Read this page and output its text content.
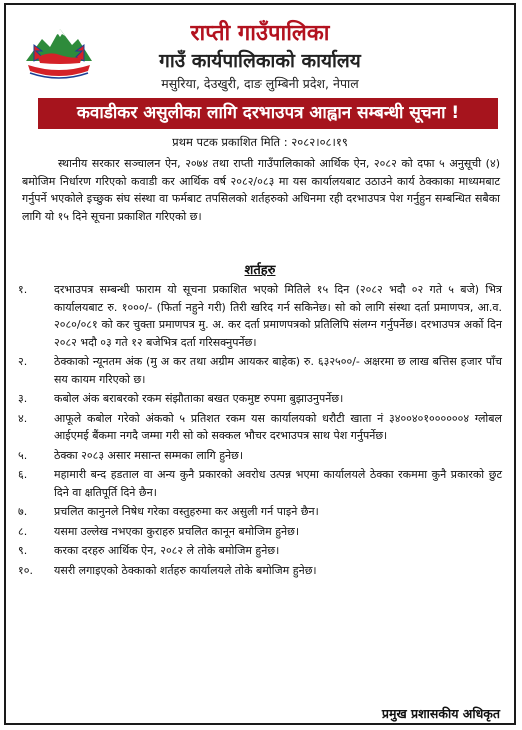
राप्ती गाउँपालिका
गाउँ कार्यपालिकाको कार्यालय
मसुरिया, देउखुरी, दाङ लुम्बिनी प्रदेश, नेपाल
कवाडीकर असुलीका लागि दरभाउपत्र आह्वान सम्बन्धी सूचना !
प्रथम पटक प्रकाशित मिति : २०८२।०८।१९

स्थानीय सरकार सञ्चालन ऐन, २०७४ तथा राप्ती गाउँपालिकाको आर्थिक ऐन, २०८२ को दफा ५ अनुसूची (४) बमोजिम निर्धारण गरिएको कवाडी कर आर्थिक वर्ष २०८२/०८३ मा यस कार्यालयबाट उठाउने कार्य ठेक्काका माध्यमबाट गर्नुपर्ने भएकोले इच्छुक संघ संस्था वा फर्मबाट तपसिलको शर्तहरुको अधिनमा रही दरभाउपत्र पेश गर्नुहुन सम्बन्धित सबैका लागि यो १५ दिने सूचना प्रकाशित गरिएको छ।

शर्तहरु
१. दरभाउपत्र सम्बन्धी फाराम यो सूचना प्रकाशित भएको मितिले १५ दिन (२०८२ भदौ ०२ गते ५ बजे) भित्र कार्यालयबाट रु. १०००/- (फिर्ता नहुने गरी) तिरी खरिद गर्न सकिनेछ। सो को लागि संस्था दर्ता प्रमाणपत्र, आ.व. २०८०/०८१ को कर चुक्ता प्रमाणपत्र मु. अ. कर दर्ता प्रमाणपत्रको प्रतिलिपि संलग्न गर्नुपर्नेछ। दरभाउपत्र अर्को दिन २०८२ भदौ ०३ गते १२ बजेभित्र दर्ता गरिसक्नुपर्नेछ।
२. ठेक्काको न्यूनतम अंक (मु अ कर तथा अग्रीम आयकर बाहेक) रु. ६३२५००/- अक्षरमा छ लाख बत्तिस हजार पाँच सय कायम गरिएको छ।
३. कबोल अंक बराबरको रकम संझौताका बखत एकमुष्ट रुपमा बुझाउनुपर्नेछ।
४. आफूले कबोल गरेको अंकको ५ प्रतिशत रकम यस कार्यालयको धरौटी खाता नं ३४००४०१००००००४ ग्लोबल आईएमई बैंकमा नगदै जम्मा गरी सो को सक्कल भौचर दरभाउपत्र साथ पेश गर्नुपर्नेछ।
५. ठेक्का २०८३ असार मसान्त सम्मका लागि हुनेछ।
६. महामारी बन्द हडताल वा अन्य कुनै प्रकारको अवरोध उत्पन्न भएमा कार्यालयले ठेक्का रकममा कुनै प्रकारको छुट दिने वा क्षतिपूर्ति दिने छैन।
७. प्रचलित कानुनले निषेध गरेका वस्तुहरुमा कर असुली गर्न पाइने छैन।
८. यसमा उल्लेख नभएका कुराहरु प्रचलित कानून बमोजिम हुनेछ।
९. करका दरहरु आर्थिक ऐन, २०८२ ले तोके बमोजिम हुनेछ।
१०. यसरी लगाइएको ठेक्काको शर्तहरु कार्यालयले तोके बमोजिम हुनेछ।
प्रमुख प्रशासकीय अधिकृत
